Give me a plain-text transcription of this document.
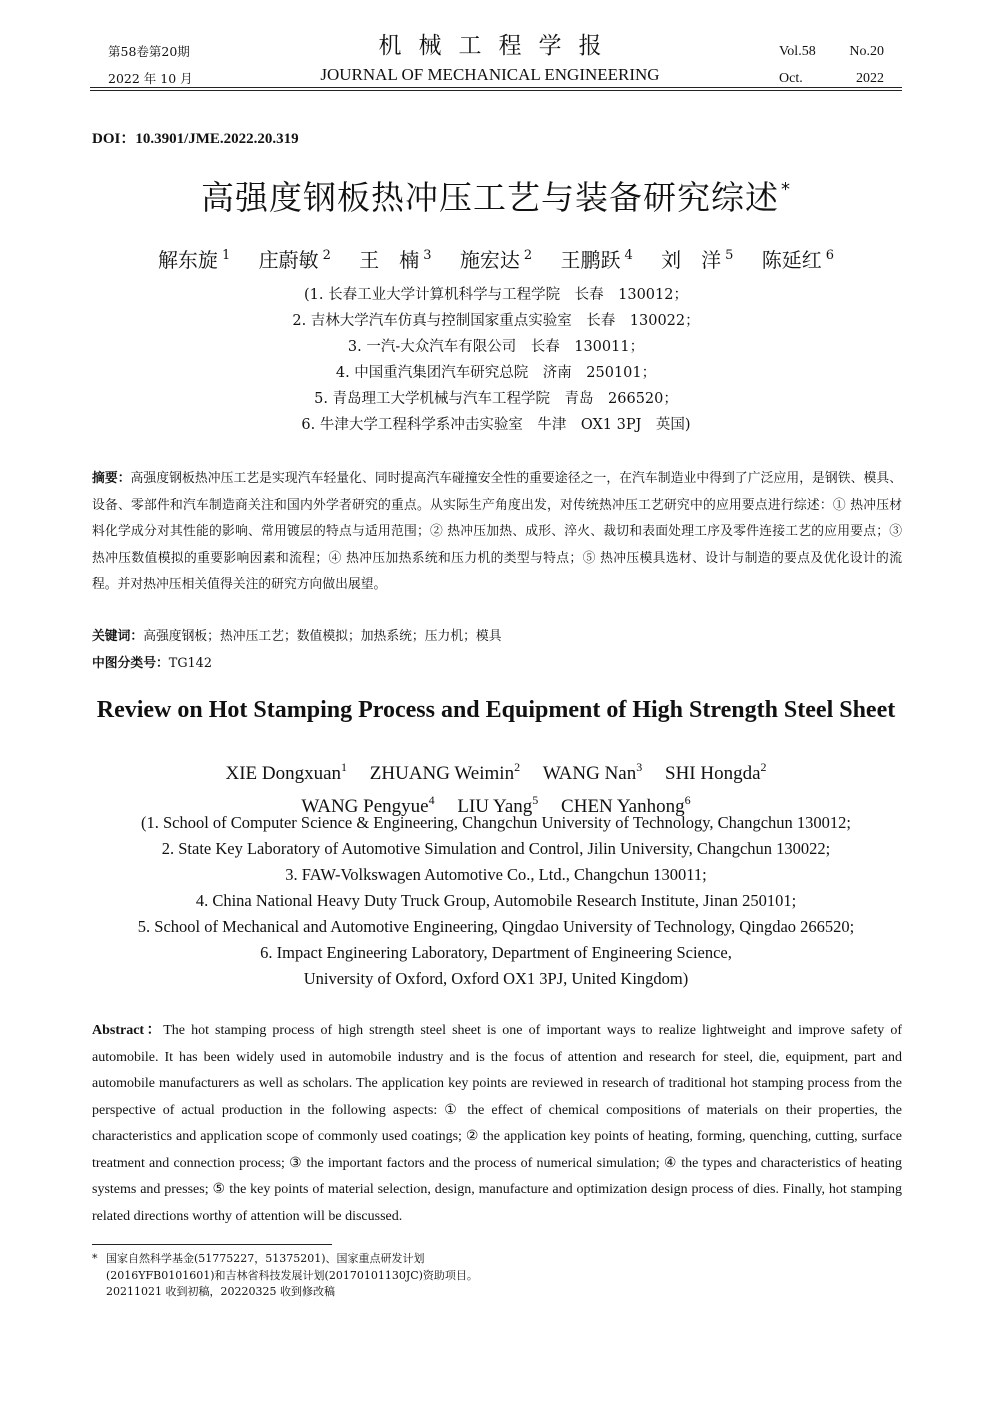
第58卷第20期
2022 年 10 月
机械工程学报
JOURNAL OF MECHANICAL ENGINEERING
Vol.58 No.20
Oct.	2022
DOI：10.3901/JME.2022.20.319
高强度钢板热冲压工艺与装备研究综述 *
解东旋 $^1$ 庄蔚敏 $^2$ 王　楠 $^3$ 施宏达 $^2$ 王鹏跃 $^4$ 刘　洋 $^5$ 陈延红 $^6$
(1. 长春工业大学计算机科学与工程学院　长春　130012；
2. 吉林大学汽车仿真与控制国家重点实验室　长春　130022；
3. 一汽-大众汽车有限公司　长春　130011；
4. 中国重汽集团汽车研究总院　济南　250101；
5. 青岛理工大学机械与汽车工程学院　青岛　266520；
6. 牛津大学工程科学系冲击实验室　牛津　OX1 3PJ　英国)
摘要：高强度钢板热冲压工艺是实现汽车轻量化、同时提高汽车碰撞安全性的重要途径之一，在汽车制造业中得到了广泛应用，是钢铁、模具、设备、零部件和汽车制造商关注和国内外学者研究的重点。从实际生产角度出发，对传统热冲压工艺研究中的应用要点进行综述：① 热冲压材料化学成分对其性能的影响、常用镀层的特点与适用范围；② 热冲压加热、成形、淬火、裁切和表面处理工序及零件连接工艺的应用要点；③ 热冲压数值模拟的重要影响因素和流程；④ 热冲压加热系统和压力机的类型与特点；⑤ 热冲压模具选材、设计与制造的要点及优化设计的流程。并对热冲压相关值得关注的研究方向做出展望。
关键词：高强度钢板；热冲压工艺；数值模拟；加热系统；压力机；模具
中图分类号：TG142
Review on Hot Stamping Process and Equipment of High Strength Steel Sheet
XIE Dongxuan$^1$ ZHUANG Weimin$^2$ WANG Nan$^3$ SHI Hongda$^2$
WANG Pengyue$^4$ LIU Yang$^5$ CHEN Yanhong$^6$
(1. School of Computer Science & Engineering, Changchun University of Technology, Changchun 130012;
2. State Key Laboratory of Automotive Simulation and Control, Jilin University, Changchun 130022;
3. FAW-Volkswagen Automotive Co., Ltd., Changchun 130011;
4. China National Heavy Duty Truck Group, Automobile Research Institute, Jinan 250101;
5. School of Mechanical and Automotive Engineering, Qingdao University of Technology, Qingdao 266520;
6. Impact Engineering Laboratory, Department of Engineering Science,
University of Oxford, Oxford OX1 3PJ, United Kingdom)
Abstract：The hot stamping process of high strength steel sheet is one of important ways to realize lightweight and improve safety of automobile. It has been widely used in automobile industry and is the focus of attention and research for steel, die, equipment, part and automobile manufacturers as well as scholars. The application key points are reviewed in research of traditional hot stamping process from the perspective of actual production in the following aspects: ① the effect of chemical compositions of materials on their properties, the characteristics and application scope of commonly used coatings; ② the application key points of heating, forming, quenching, cutting, surface treatment and connection process; ③ the important factors and the process of numerical simulation; ④ the types and characteristics of heating systems and presses; ⑤ the key points of material selection, design, manufacture and optimization design process of dies. Finally, hot stamping related directions worthy of attention will be discussed.
* 国家自然科学基金(51775227，51375201)、国家重点研发计划
(2016YFB0101601)和吉林省科技发展计划(20170101130JC)资助项目。
20211021 收到初稿，20220325 收到修改稿
